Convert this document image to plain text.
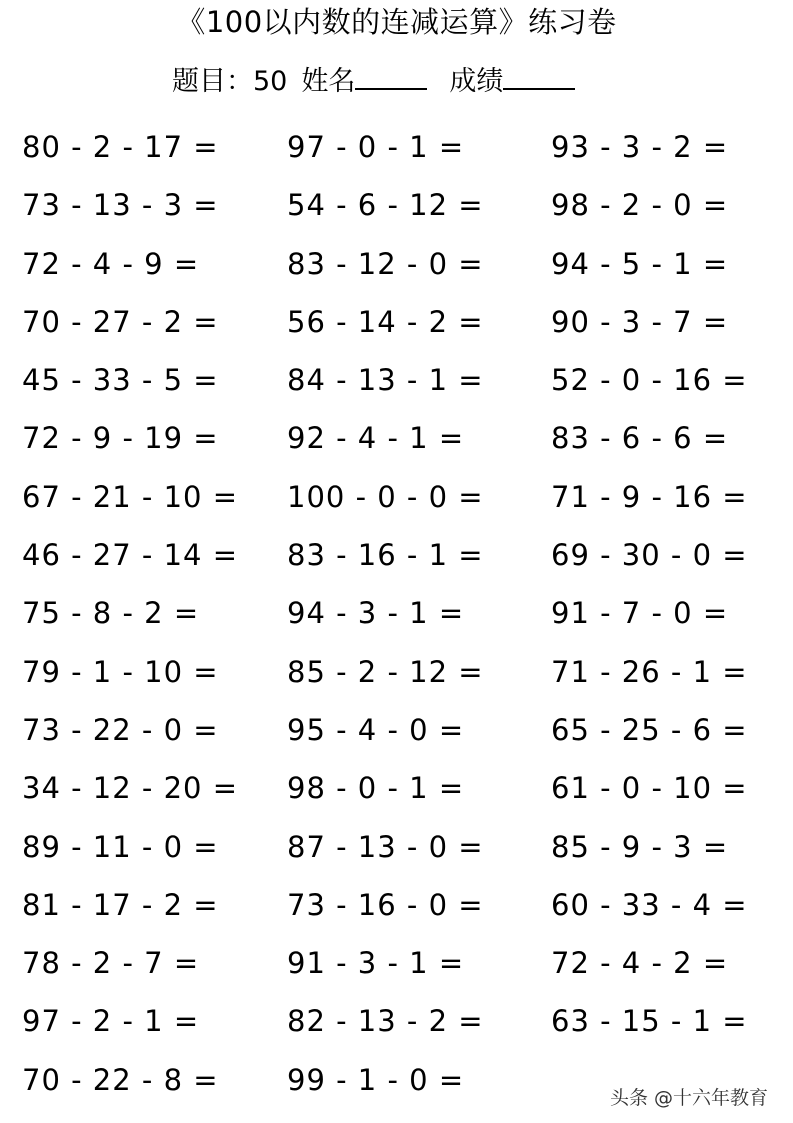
《100以内数的连减运算》练习卷
题目： 50 姓名	成绩
80 - 2 - 17 =	97 - 0 - 1 =	93 - 3 - 2 =
73 - 13 - 3 =	54 - 6 - 12 =	98 - 2 - 0 =
72 - 4 - 9 =	83 - 12 - 0 =	94 - 5 - 1 =
70 - 27 - 2 =	56 - 14 - 2 =	90 - 3 - 7 =
45 - 33 - 5 =	84 - 13 - 1 =	52 - 0 - 16 =
72 - 9 - 19 =	92 - 4 - 1 =	83 - 6 - 6 =
67 - 21 - 10 =	100 - 0 - 0 =	71 - 9 - 16 =
46 - 27 - 14 =	83 - 16 - 1 =	69 - 30 - 0 =
75 - 8 - 2 =	94 - 3 - 1 =	91 - 7 - 0 =
79 - 1 - 10 =	85 - 2 - 12 =	71 - 26 - 1 =
73 - 22 - 0 =	95 - 4 - 0 =	65 - 25 - 6 =
34 - 12 - 20 =	98 - 0 - 1 =	61 - 0 - 10 =
89 - 11 - 0 =	87 - 13 - 0 =	85 - 9 - 3 =
81 - 17 - 2 =	73 - 16 - 0 =	60 - 33 - 4 =
78 - 2 - 7 =	91 - 3 - 1 =	72 - 4 - 2 =
97 - 2 - 1 =	82 - 13 - 2 =	63 - 15 - 1 =
70 - 22 - 8 =	99 - 1 - 0 =
头条 @十六年教育
